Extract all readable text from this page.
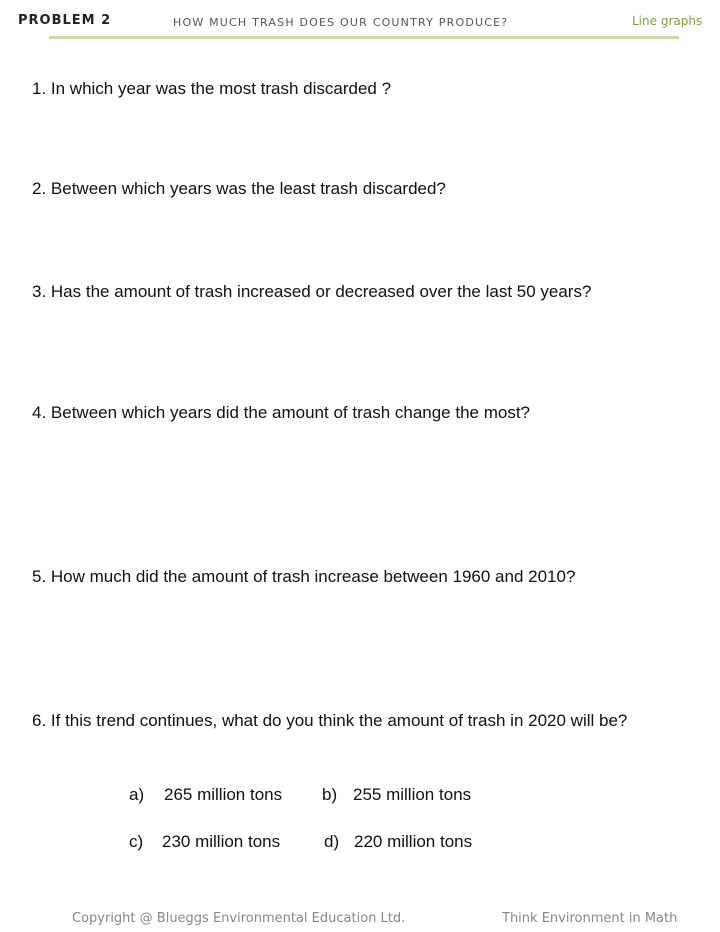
PROBLEM 2	HOW MUCH TRASH DOES OUR COUNTRY PRODUCE?	Line graphs
1. In which year was the most trash discarded ?
2. Between which years was the least trash discarded?
3. Has the amount of trash increased or decreased over the last 50 years?
4. Between which years did the amount of trash change the most?
5. How much did the amount of trash increase between 1960 and 2010?
6. If this trend continues, what do you think the amount of trash in 2020 will be?
a) 265 million tons b) 255 million tons
c) 230 million tons	d) 220 million tons
Copyright @ Blueggs Environmental Education Ltd.	Think Environment in Math
